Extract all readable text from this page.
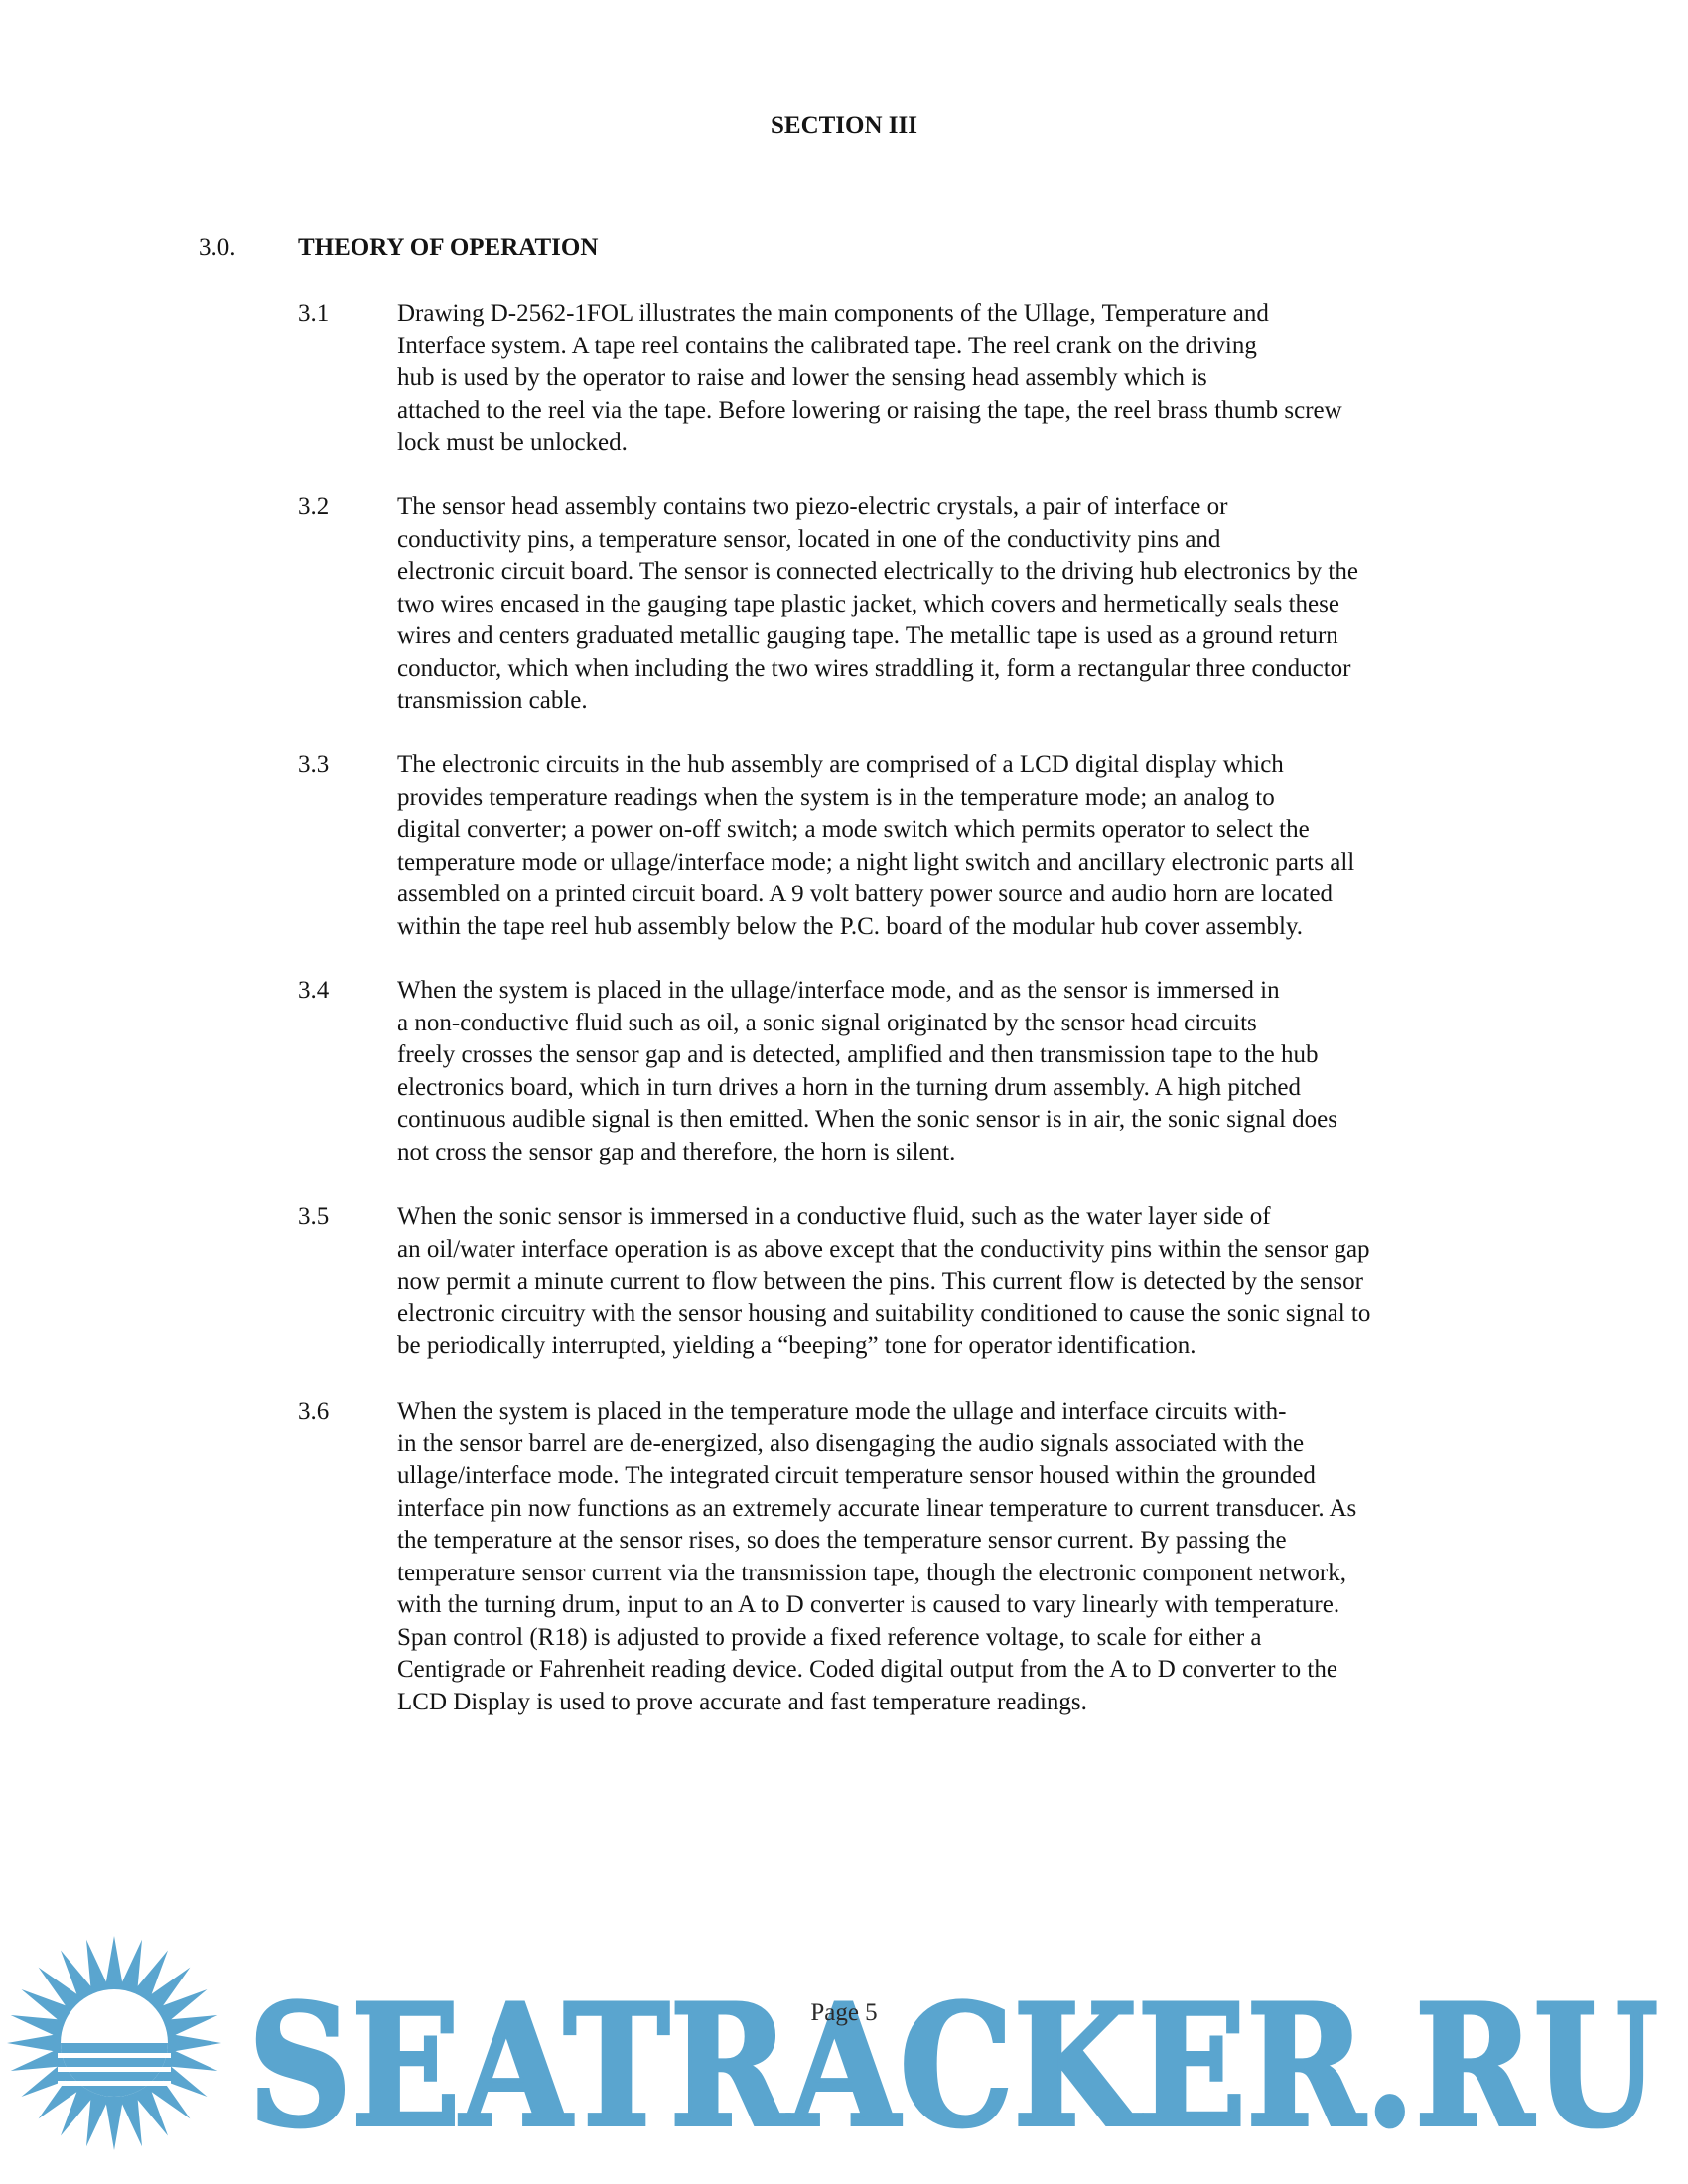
SECTION III
3.0.	THEORY OF OPERATION
3.1	Drawing D-2562-1FOL illustrates the main components of the Ullage, Temperature and
Interface system. A tape reel contains the calibrated tape. The reel crank on the driving
hub is used by the operator to raise and lower the sensing head assembly which is
attached to the reel via the tape. Before lowering or raising the tape, the reel brass thumb screw
lock must be unlocked.
3.2	The sensor head assembly contains two piezo-electric crystals, a pair of interface or
conductivity pins, a temperature sensor, located in one of the conductivity pins and
electronic circuit board. The sensor is connected electrically to the driving hub electronics by the
two wires encased in the gauging tape plastic jacket, which covers and hermetically seals these
wires and centers graduated metallic gauging tape. The metallic tape is used as a ground return
conductor, which when including the two wires straddling it, form a rectangular three conductor
transmission cable.
3.3	The electronic circuits in the hub assembly are comprised of a LCD digital display which
provides temperature readings when the system is in the temperature mode; an analog to
digital converter; a power on-off switch; a mode switch which permits operator to select the
temperature mode or ullage/interface mode; a night light switch and ancillary electronic parts all
assembled on a printed circuit board. A 9 volt battery power source and audio horn are located
within the tape reel hub assembly below the P.C. board of the modular hub cover assembly.
3.4	When the system is placed in the ullage/interface mode, and as the sensor is immersed in
a non-conductive fluid such as oil, a sonic signal originated by the sensor head circuits
freely crosses the sensor gap and is detected, amplified and then transmission tape to the hub
electronics board, which in turn drives a horn in the turning drum assembly. A high pitched
continuous audible signal is then emitted. When the sonic sensor is in air, the sonic signal does
not cross the sensor gap and therefore, the horn is silent.
3.5	When the sonic sensor is immersed in a conductive fluid, such as the water layer side of
an oil/water interface operation is as above except that the conductivity pins within the sensor gap
now permit a minute current to flow between the pins. This current flow is detected by the sensor
electronic circuitry with the sensor housing and suitability conditioned to cause the sonic signal to
be periodically interrupted, yielding a “beeping” tone for operator identification.
3.6	When the system is placed in the temperature mode the ullage and interface circuits with-
in the sensor barrel are de-energized, also disengaging the audio signals associated with the
ullage/interface mode. The integrated circuit temperature sensor housed within the grounded
interface pin now functions as an extremely accurate linear temperature to current transducer. As
the temperature at the sensor rises, so does the temperature sensor current. By passing the
temperature sensor current via the transmission tape, though the electronic component network,
with the turning drum, input to an A to D converter is caused to vary linearly with temperature.
Span control (R18) is adjusted to provide a fixed reference voltage, to scale for either a
Centigrade or Fahrenheit reading device. Coded digital output from the A to D converter to the
LCD Display is used to prove accurate and fast temperature readings.
SEATRACKER.RU
Page 5
